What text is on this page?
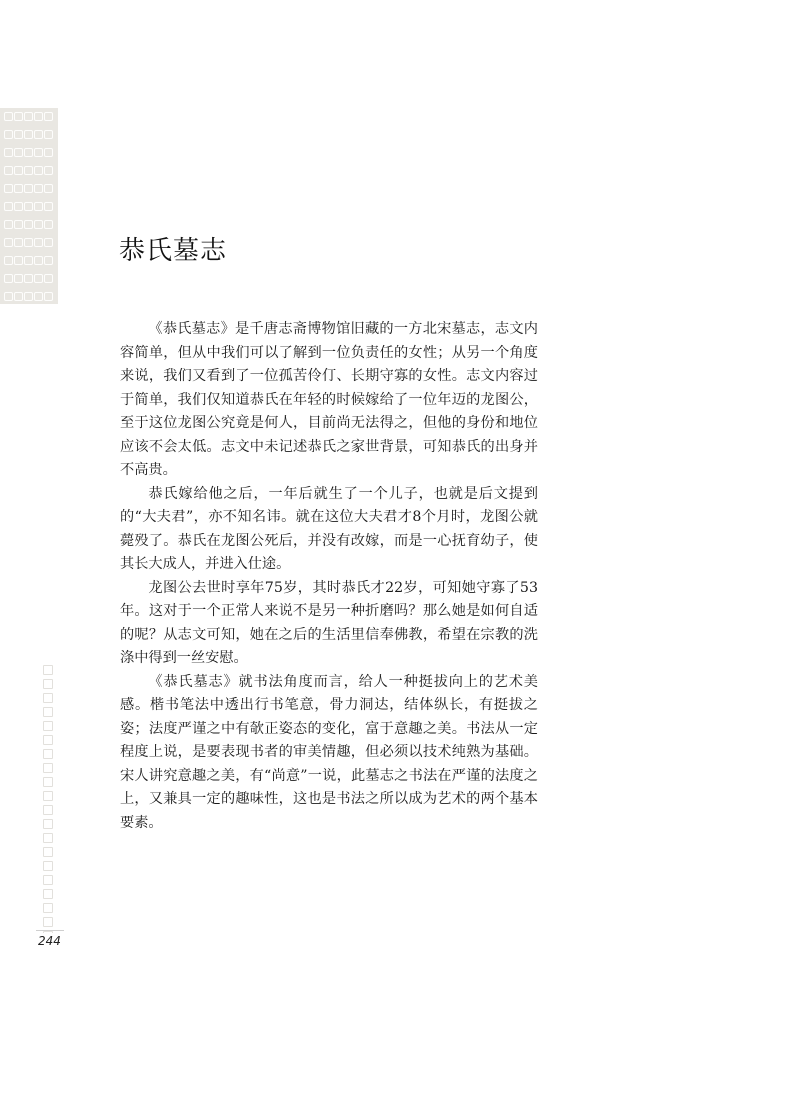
244
恭氏墓志

《恭氏墓志》是千唐志斋博物馆旧藏的一方北宋墓志，志文内容简单，但从中我们可以了解到一位负责任的女性；从另一个角度来说，我们又看到了一位孤苦伶仃、长期守寡的女性。志文内容过于简单，我们仅知道恭氏在年轻的时候嫁给了一位年迈的龙图公，至于这位龙图公究竟是何人，目前尚无法得之，但他的身份和地位应该不会太低。志文中未记述恭氏之家世背景，可知恭氏的出身并不高贵。

恭氏嫁给他之后，一年后就生了一个儿子，也就是后文提到的“大夫君”，亦不知名讳。就在这位大夫君才8个月时，龙图公就薨殁了。恭氏在龙图公死后，并没有改嫁，而是一心抚育幼子，使其长大成人，并进入仕途。

龙图公去世时享年75岁，其时恭氏才22岁，可知她守寡了53年。这对于一个正常人来说不是另一种折磨吗？那么她是如何自适的呢？从志文可知，她在之后的生活里信奉佛教，希望在宗教的洗涤中得到一丝安慰。

《恭氏墓志》就书法角度而言，给人一种挺拔向上的艺术美感。楷书笔法中透出行书笔意，骨力洞达，结体纵长，有挺拔之姿；法度严谨之中有欹正姿态的变化，富于意趣之美。书法从一定程度上说，是要表现书者的审美情趣，但必须以技术纯熟为基础。宋人讲究意趣之美，有“尚意”一说，此墓志之书法在严谨的法度之上，又兼具一定的趣味性，这也是书法之所以成为艺术的两个基本要素。
